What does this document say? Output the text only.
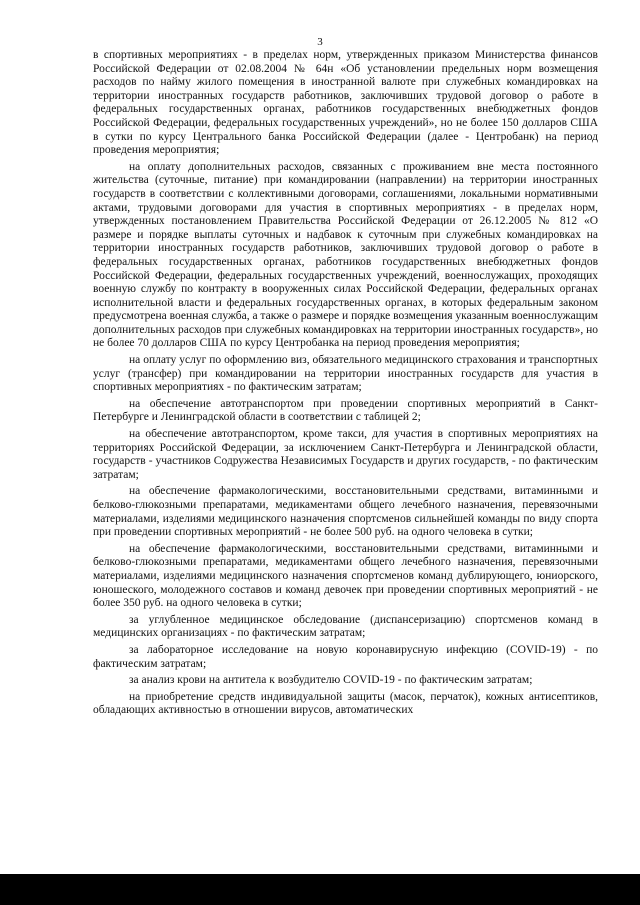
3

в спортивных мероприятиях - в пределах норм, утвержденных приказом Министерства финансов Российской Федерации от 02.08.2004 № 64н «Об установлении предельных норм возмещения расходов по найму жилого помещения в иностранной валюте при служебных командировках на территории иностранных государств работников, заключивших трудовой договор о работе в федеральных государственных органах, работников государственных внебюджетных фондов Российской Федерации, федеральных государственных учреждений», но не более 150 долларов США в сутки по курсу Центрального банка Российской Федерации (далее - Центробанк) на период проведения мероприятия;

на оплату дополнительных расходов, связанных с проживанием вне места постоянного жительства (суточные, питание) при командировании (направлении) на территории иностранных государств в соответствии с коллективными договорами, соглашениями, локальными нормативными актами, трудовыми договорами для участия в спортивных мероприятиях - в пределах норм, утвержденных постановлением Правительства Российской Федерации от 26.12.2005 № 812 «О размере и порядке выплаты суточных и надбавок к суточным при служебных командировках на территории иностранных государств работников, заключивших трудовой договор о работе в федеральных государственных органах, работников государственных внебюджетных фондов Российской Федерации, федеральных государственных учреждений, военнослужащих, проходящих военную службу по контракту в вооруженных силах Российской Федерации, федеральных органах исполнительной власти и федеральных государственных органах, в которых федеральным законом предусмотрена военная служба, а также о размере и порядке возмещения указанным военнослужащим дополнительных расходов при служебных командировках на территории иностранных государств», но не более 70 долларов США по курсу Центробанка на период проведения мероприятия;

на оплату услуг по оформлению виз, обязательного медицинского страхования и транспортных услуг (трансфер) при командировании на территории иностранных государств для участия в спортивных мероприятиях - по фактическим затратам;

на обеспечение автотранспортом при проведении спортивных мероприятий в Санкт-Петербурге и Ленинградской области в соответствии с таблицей 2;

на обеспечение автотранспортом, кроме такси, для участия в спортивных мероприятиях на территориях Российской Федерации, за исключением Санкт-Петербурга и Ленинградской области, государств - участников Содружества Независимых Государств и других государств, - по фактическим затратам;

на обеспечение фармакологическими, восстановительными средствами, витаминными и белково-глюкозными препаратами, медикаментами общего лечебного назначения, перевязочными материалами, изделиями медицинского назначения спортсменов сильнейшей команды по виду спорта при проведении спортивных мероприятий - не более 500 руб. на одного человека в сутки;

на обеспечение фармакологическими, восстановительными средствами, витаминными и белково-глюкозными препаратами, медикаментами общего лечебного назначения, перевязочными материалами, изделиями медицинского назначения спортсменов команд дублирующего, юниорского, юношеского, молодежного составов и команд девочек при проведении спортивных мероприятий - не более 350 руб. на одного человека в сутки;

за углубленное медицинское обследование (диспансеризацию) спортсменов команд в медицинских организациях - по фактическим затратам;

за лабораторное исследование на новую коронавирусную инфекцию (COVID-19) - по фактическим затратам;

за анализ крови на антитела к возбудителю COVID-19 - по фактическим затратам;

на приобретение средств индивидуальной защиты (масок, перчаток), кожных антисептиков, обладающих активностью в отношении вирусов, автоматических
